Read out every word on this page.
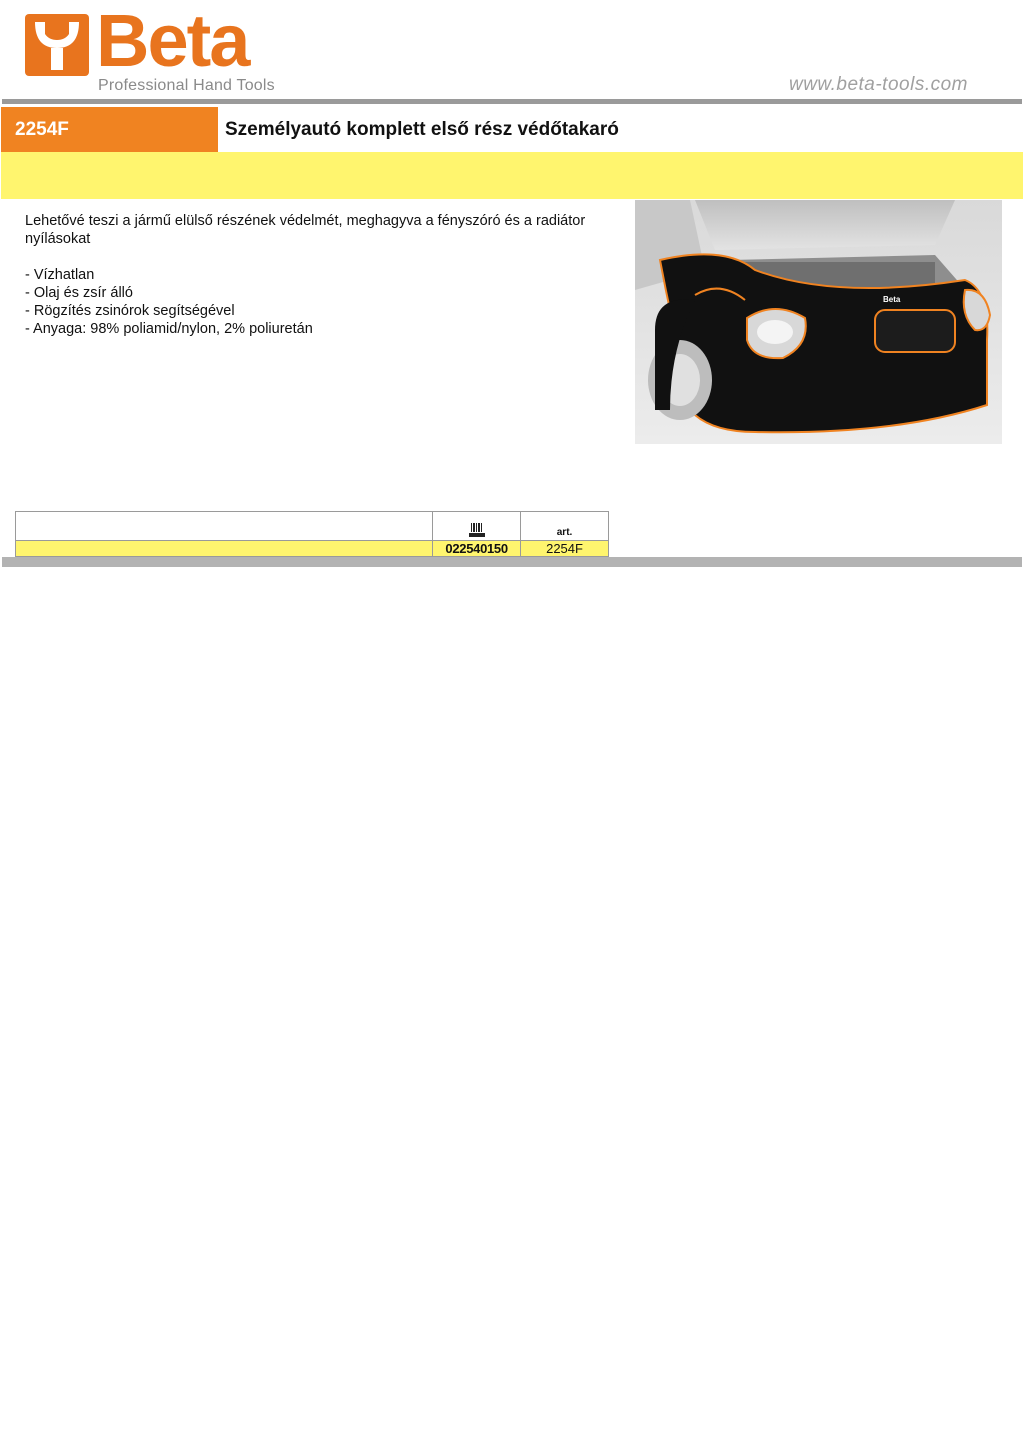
Beta
Professional Hand Tools	www.beta-tools.com
2254F	Személyautó komplett első rész védőtakaró

Lehetővé teszi a jármű elülső részének védelmét, meghagyva a fényszóró és a radiátor nyílásokat

- Vízhatlan
- Olaj és zsír álló
- Rögzítés zsinórok segítségével
- Anyaga: 98% poliamid/nylon, 2% poliuretán
Beta

art.

	022540150	2254F
